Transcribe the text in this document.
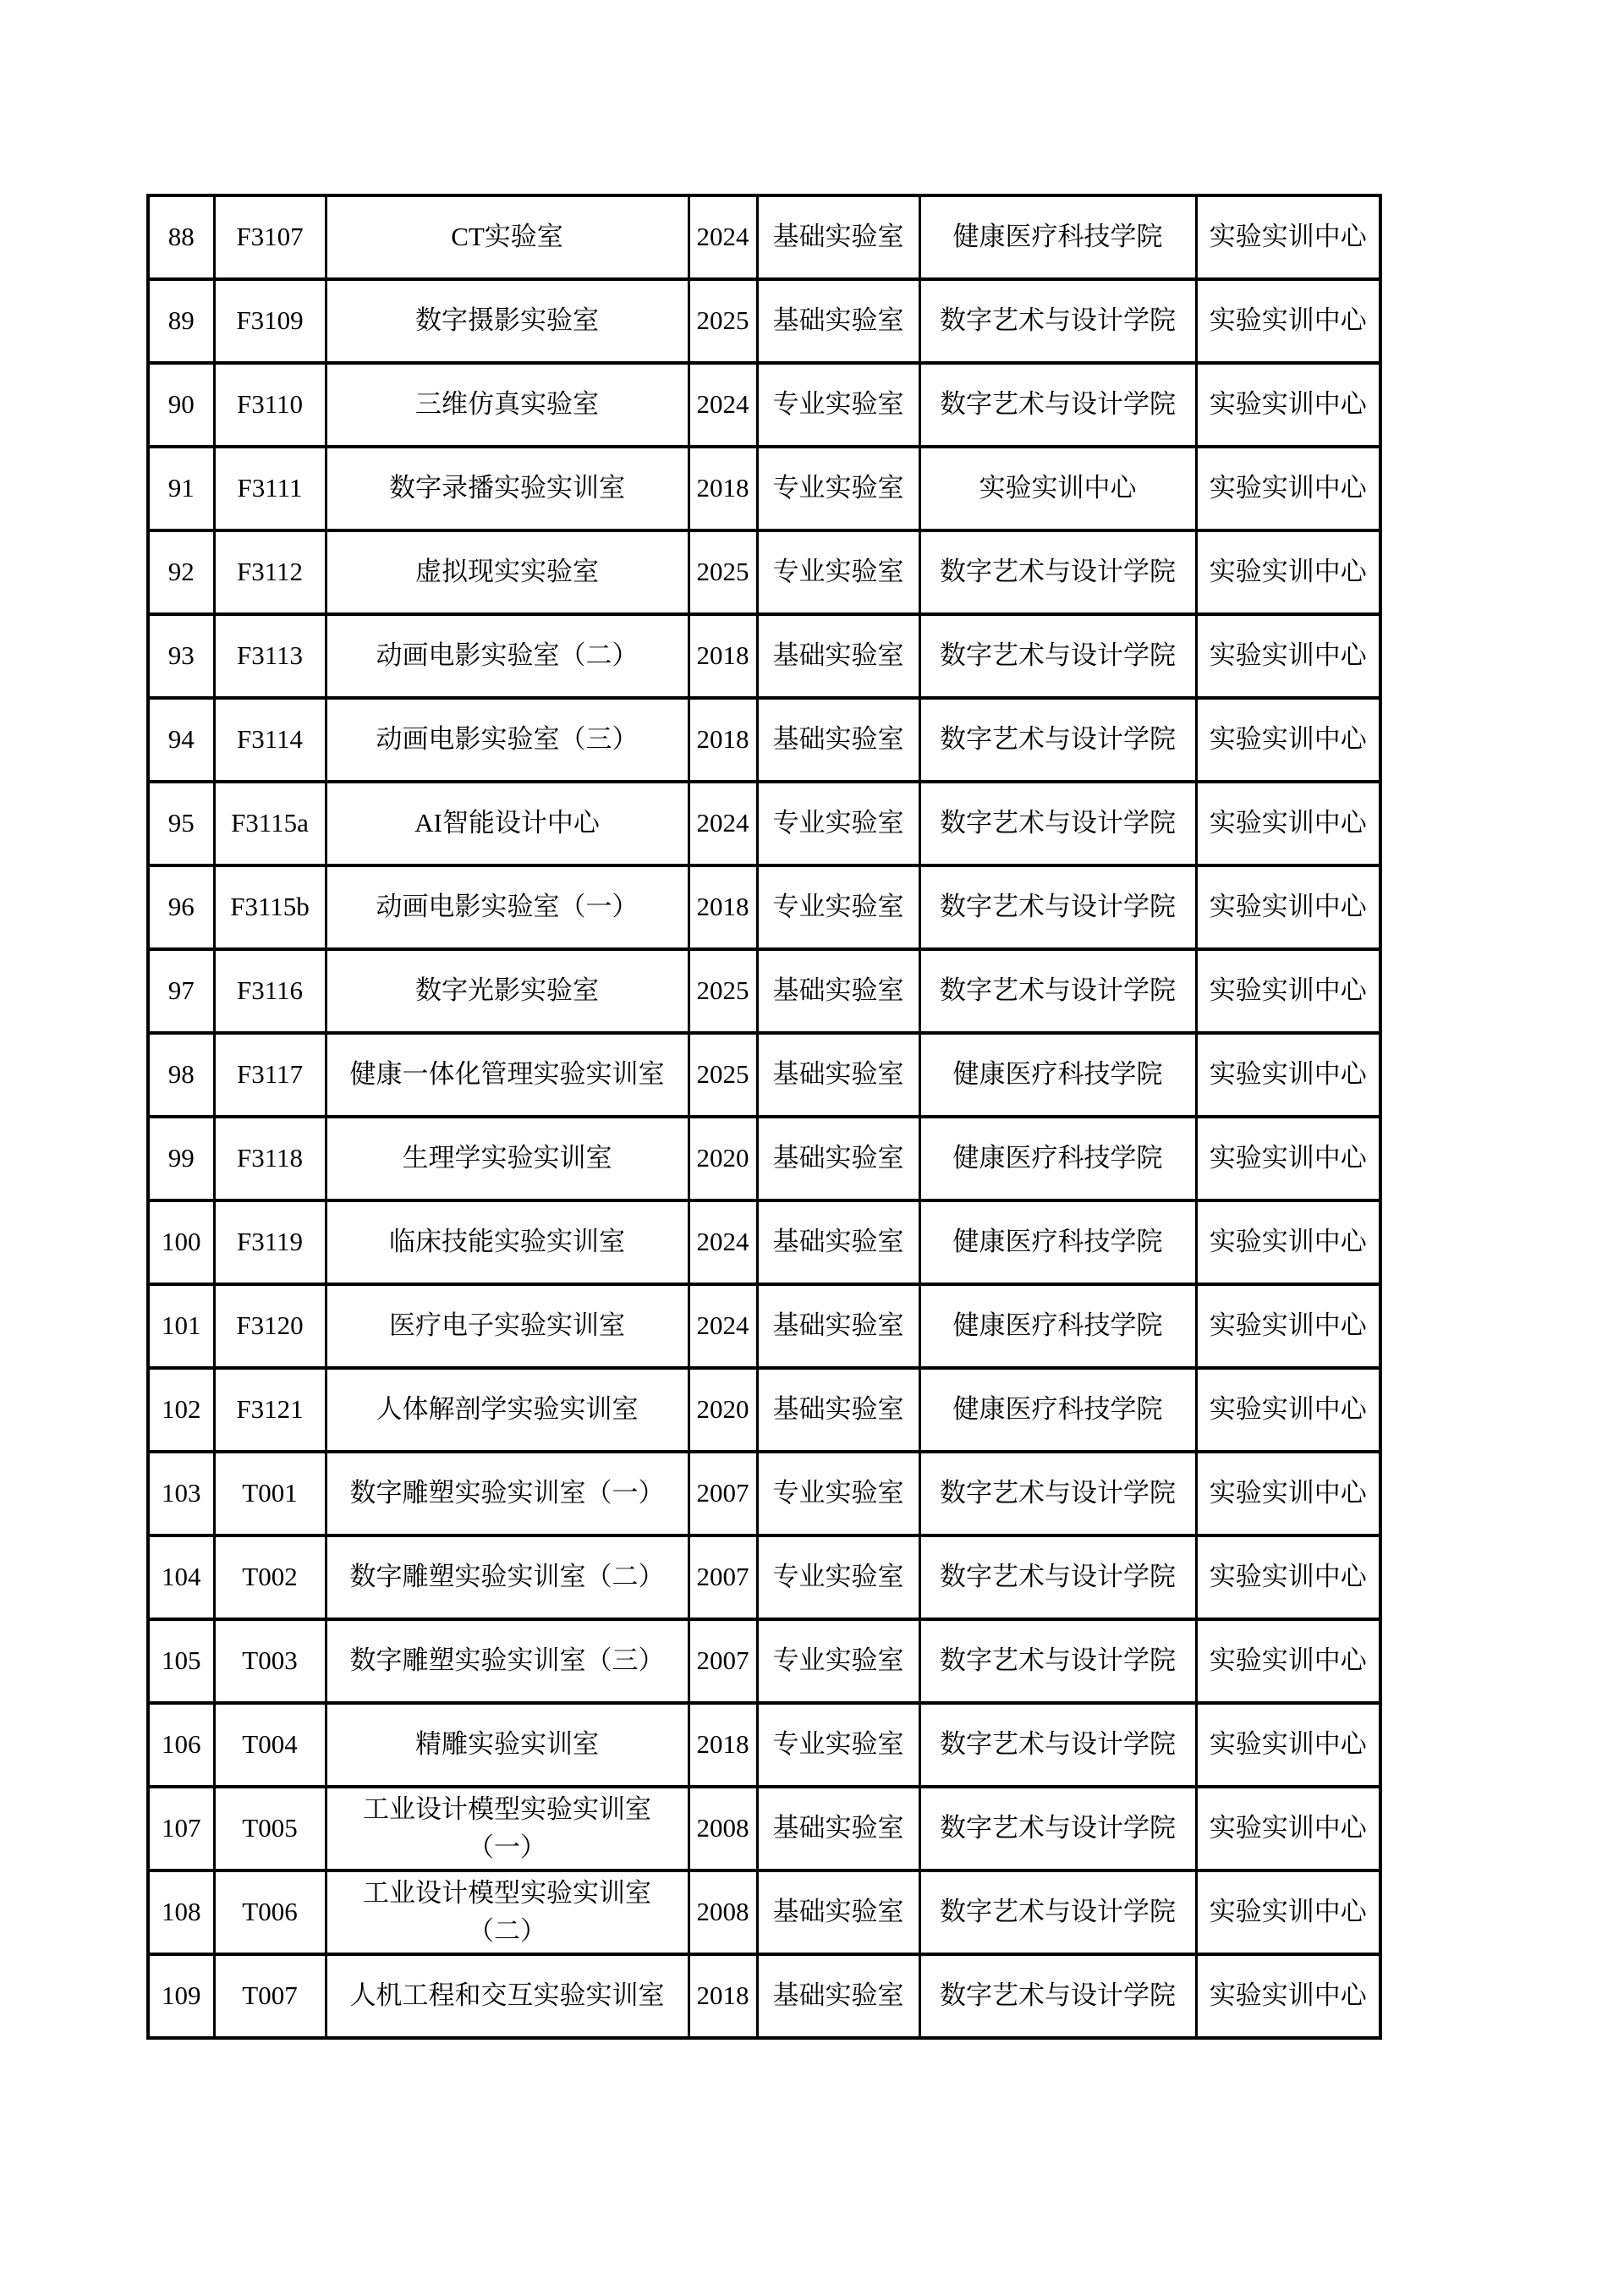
88	F3107	CT实验室	2024	基础实验室	健康医疗科技学院	实验实训中心
89	F3109	数字摄影实验室	2025	基础实验室	数字艺术与设计学院	实验实训中心
90	F3110	三维仿真实验室	2024	专业实验室	数字艺术与设计学院	实验实训中心
91	F3111	数字录播实验实训室	2018	专业实验室	实验实训中心	实验实训中心
92	F3112	虚拟现实实验室	2025	专业实验室	数字艺术与设计学院	实验实训中心
93	F3113	动画电影实验室（二）	2018	基础实验室	数字艺术与设计学院	实验实训中心
94	F3114	动画电影实验室（三）	2018	基础实验室	数字艺术与设计学院	实验实训中心
95	F3115a	AI智能设计中心	2024	专业实验室	数字艺术与设计学院	实验实训中心
96	F3115b	动画电影实验室（一）	2018	专业实验室	数字艺术与设计学院	实验实训中心
97	F3116	数字光影实验室	2025	基础实验室	数字艺术与设计学院	实验实训中心
98	F3117	健康一体化管理实验实训室	2025	基础实验室	健康医疗科技学院	实验实训中心
99	F3118	生理学实验实训室	2020	基础实验室	健康医疗科技学院	实验实训中心
100	F3119	临床技能实验实训室	2024	基础实验室	健康医疗科技学院	实验实训中心
101	F3120	医疗电子实验实训室	2024	基础实验室	健康医疗科技学院	实验实训中心
102	F3121	人体解剖学实验实训室	2020	基础实验室	健康医疗科技学院	实验实训中心
103	T001	数字雕塑实验实训室（一）	2007	专业实验室	数字艺术与设计学院	实验实训中心
104	T002	数字雕塑实验实训室（二）	2007	专业实验室	数字艺术与设计学院	实验实训中心
105	T003	数字雕塑实验实训室（三）	2007	专业实验室	数字艺术与设计学院	实验实训中心
106	T004	精雕实验实训室	2018	专业实验室	数字艺术与设计学院	实验实训中心
107	T005	工业设计模型实验实训室（一）	2008	基础实验室	数字艺术与设计学院	实验实训中心
108	T006	工业设计模型实验实训室（二）	2008	基础实验室	数字艺术与设计学院	实验实训中心
109	T007	人机工程和交互实验实训室	2018	基础实验室	数字艺术与设计学院	实验实训中心
